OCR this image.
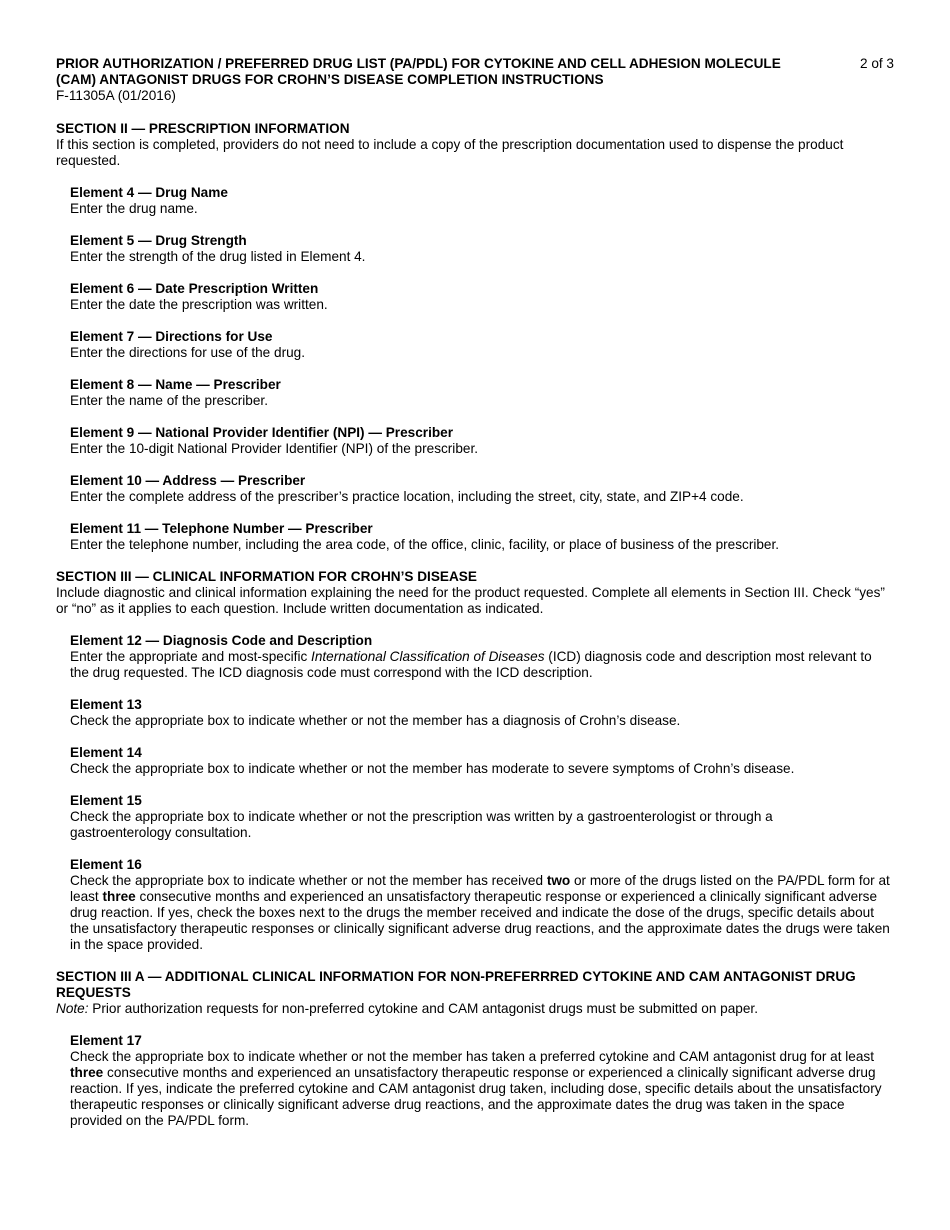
PRIOR AUTHORIZATION / PREFERRED DRUG LIST (PA/PDL) FOR CYTOKINE AND CELL ADHESION MOLECULE (CAM) ANTAGONIST DRUGS FOR CROHN’S DISEASE COMPLETION INSTRUCTIONS
2 of 3
F-11305A (01/2016)
SECTION II — PRESCRIPTION INFORMATION
If this section is completed, providers do not need to include a copy of the prescription documentation used to dispense the product requested.
Element 4 — Drug Name
Enter the drug name.
Element 5 — Drug Strength
Enter the strength of the drug listed in Element 4.
Element 6 — Date Prescription Written
Enter the date the prescription was written.
Element 7 — Directions for Use
Enter the directions for use of the drug.
Element 8 — Name — Prescriber
Enter the name of the prescriber.
Element 9 — National Provider Identifier (NPI) — Prescriber
Enter the 10-digit National Provider Identifier (NPI) of the prescriber.
Element 10 — Address — Prescriber
Enter the complete address of the prescriber’s practice location, including the street, city, state, and ZIP+4 code.
Element 11 — Telephone Number — Prescriber
Enter the telephone number, including the area code, of the office, clinic, facility, or place of business of the prescriber.
SECTION III — CLINICAL INFORMATION FOR CROHN’S DISEASE
Include diagnostic and clinical information explaining the need for the product requested. Complete all elements in Section III. Check “yes” or “no” as it applies to each question. Include written documentation as indicated.
Element 12 — Diagnosis Code and Description
Enter the appropriate and most-specific International Classification of Diseases (ICD) diagnosis code and description most relevant to the drug requested. The ICD diagnosis code must correspond with the ICD description.
Element 13
Check the appropriate box to indicate whether or not the member has a diagnosis of Crohn’s disease.
Element 14
Check the appropriate box to indicate whether or not the member has moderate to severe symptoms of Crohn’s disease.
Element 15
Check the appropriate box to indicate whether or not the prescription was written by a gastroenterologist or through a gastroenterology consultation.
Element 16
Check the appropriate box to indicate whether or not the member has received two or more of the drugs listed on the PA/PDL form for at least three consecutive months and experienced an unsatisfactory therapeutic response or experienced a clinically significant adverse drug reaction. If yes, check the boxes next to the drugs the member received and indicate the dose of the drugs, specific details about the unsatisfactory therapeutic responses or clinically significant adverse drug reactions, and the approximate dates the drugs were taken in the space provided.
SECTION III A — ADDITIONAL CLINICAL INFORMATION FOR NON-PREFERRRED CYTOKINE AND CAM ANTAGONIST DRUG REQUESTS
Note: Prior authorization requests for non-preferred cytokine and CAM antagonist drugs must be submitted on paper.
Element 17
Check the appropriate box to indicate whether or not the member has taken a preferred cytokine and CAM antagonist drug for at least three consecutive months and experienced an unsatisfactory therapeutic response or experienced a clinically significant adverse drug reaction. If yes, indicate the preferred cytokine and CAM antagonist drug taken, including dose, specific details about the unsatisfactory therapeutic responses or clinically significant adverse drug reactions, and the approximate dates the drug was taken in the space provided on the PA/PDL form.
